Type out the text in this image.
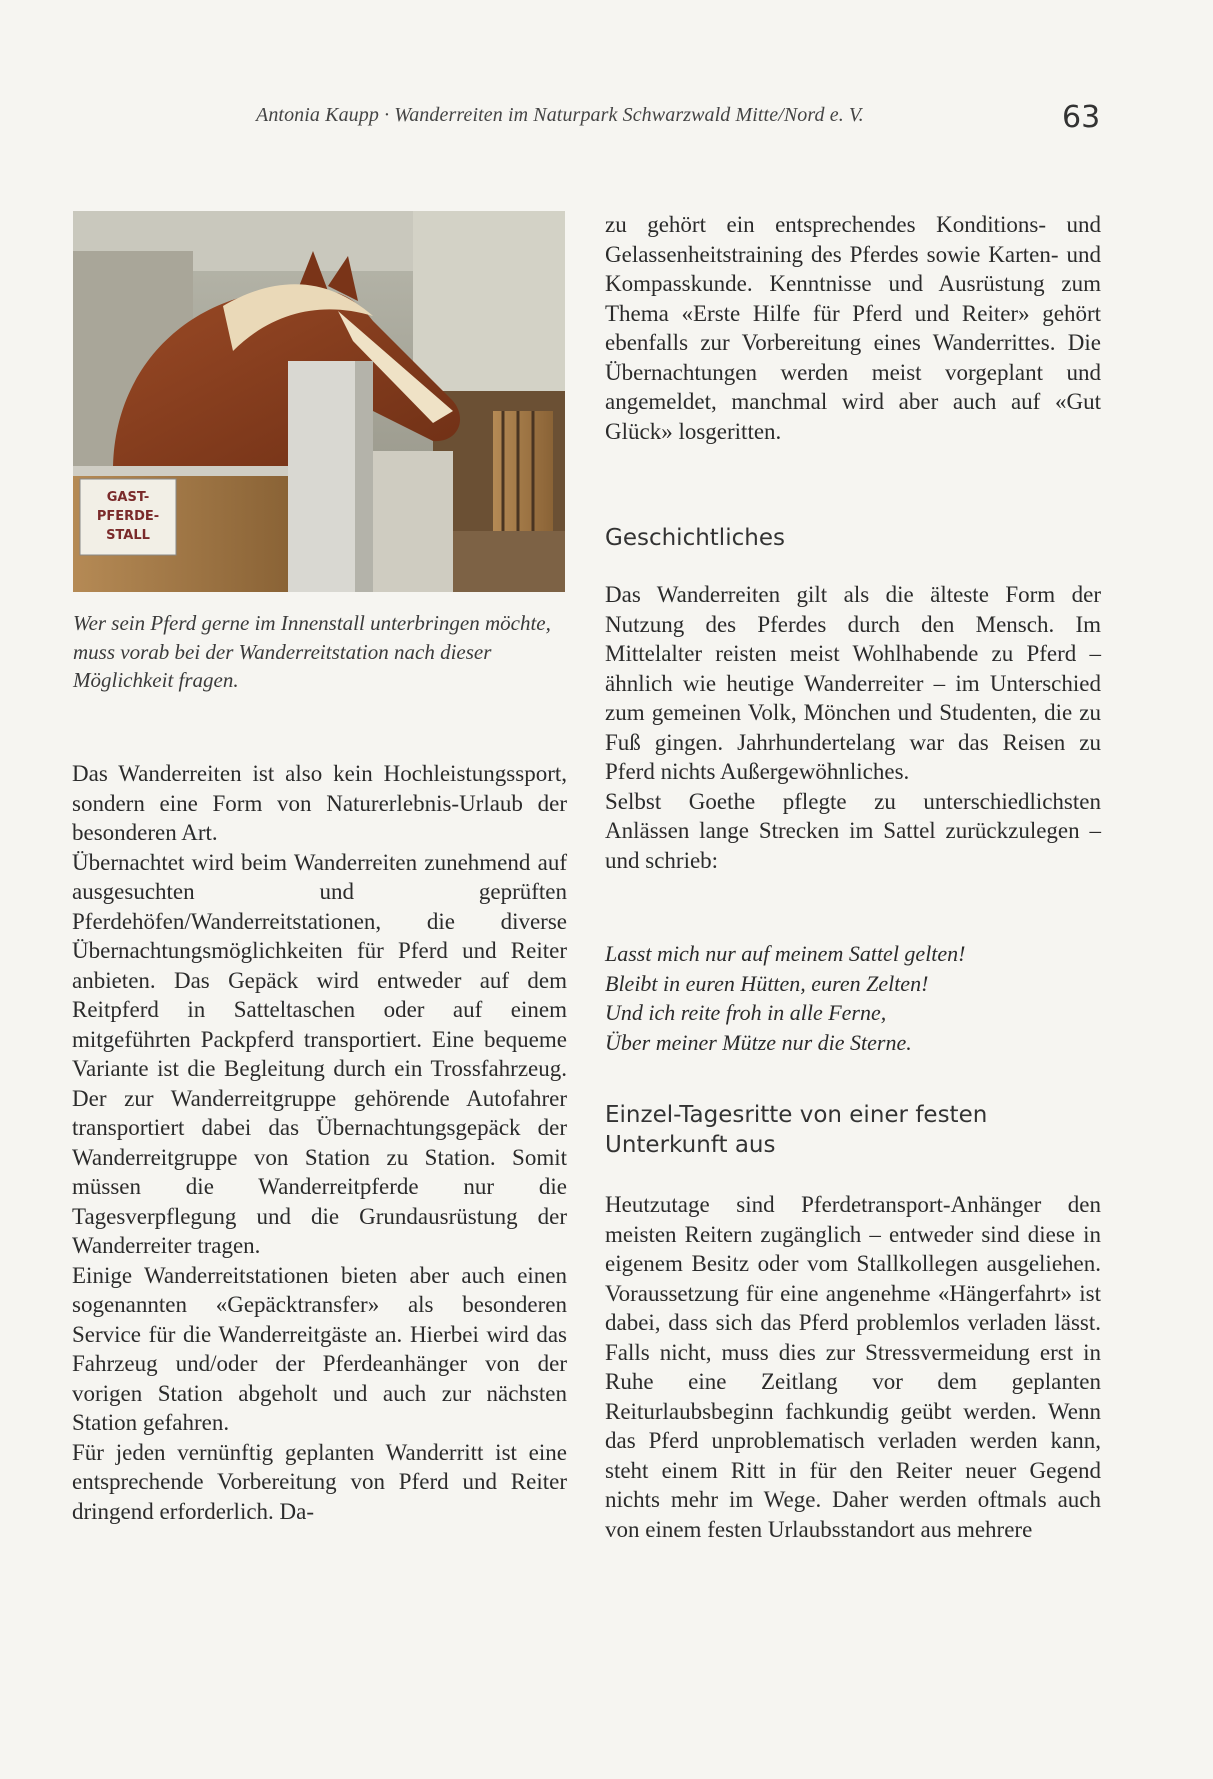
Antonia Kaupp · Wanderreiten im Naturpark Schwarzwald Mitte/Nord e. V.	63
GAST-
PFERDE-
STALL
Wer sein Pferd gerne im Innenstall unterbringen möchte, muss vorab bei der Wanderreitstation nach dieser Möglichkeit fragen.

Das Wanderreiten ist also kein Hochleistungssport, sondern eine Form von Naturerlebnis-Urlaub der besonderen Art.

Übernachtet wird beim Wanderreiten zunehmend auf ausgesuchten und geprüften Pferdehöfen/Wanderreitstationen, die diverse Übernachtungsmöglichkeiten für Pferd und Reiter anbieten. Das Gepäck wird entweder auf dem Reitpferd in Satteltaschen oder auf einem mitgeführten Packpferd transportiert. Eine bequeme Variante ist die Begleitung durch ein Trossfahrzeug. Der zur Wanderreitgruppe gehörende Autofahrer transportiert dabei das Übernachtungsgepäck der Wanderreitgruppe von Station zu Station. Somit müssen die Wanderreitpferde nur die Tagesverpflegung und die Grundausrüstung der Wanderreiter tragen.

Einige Wanderreitstationen bieten aber auch einen sogenannten «Gepäcktransfer» als besonderen Service für die Wanderreitgäste an. Hierbei wird das Fahrzeug und/oder der Pferdeanhänger von der vorigen Station abgeholt und auch zur nächsten Station gefahren.

Für jeden vernünftig geplanten Wanderritt ist eine entsprechende Vorbereitung von Pferd und Reiter dringend erforderlich. Da-

zu gehört ein entsprechendes Konditions- und Gelassenheitstraining des Pferdes sowie Karten- und Kompasskunde. Kenntnisse und Ausrüstung zum Thema «Erste Hilfe für Pferd und Reiter» gehört ebenfalls zur Vorbereitung eines Wanderrittes. Die Übernachtungen werden meist vorgeplant und angemeldet, manchmal wird aber auch auf «Gut Glück» losgeritten.

Geschichtliches

Das Wanderreiten gilt als die älteste Form der Nutzung des Pferdes durch den Mensch. Im Mittelalter reisten meist Wohlhabende zu Pferd – ähnlich wie heutige Wanderreiter – im Unterschied zum gemeinen Volk, Mönchen und Studenten, die zu Fuß gingen. Jahrhundertelang war das Reisen zu Pferd nichts Außergewöhnliches.

Selbst Goethe pflegte zu unterschiedlichsten Anlässen lange Strecken im Sattel zurückzulegen – und schrieb:

Lasst mich nur auf meinem Sattel gelten!
Bleibt in euren Hütten, euren Zelten!
Und ich reite froh in alle Ferne,
Über meiner Mütze nur die Sterne.
Einzel-Tagesritte von einer festen
Unterkunft aus

Heutzutage sind Pferdetransport-Anhänger den meisten Reitern zugänglich – entweder sind diese in eigenem Besitz oder vom Stallkollegen ausgeliehen. Voraussetzung für eine angenehme «Hängerfahrt» ist dabei, dass sich das Pferd problemlos verladen lässt. Falls nicht, muss dies zur Stressvermeidung erst in Ruhe eine Zeitlang vor dem geplanten Reiturlaubsbeginn fachkundig geübt werden. Wenn das Pferd unproblematisch verladen werden kann, steht einem Ritt in für den Reiter neuer Gegend nichts mehr im Wege. Daher werden oftmals auch von einem festen Urlaubsstandort aus mehrere
